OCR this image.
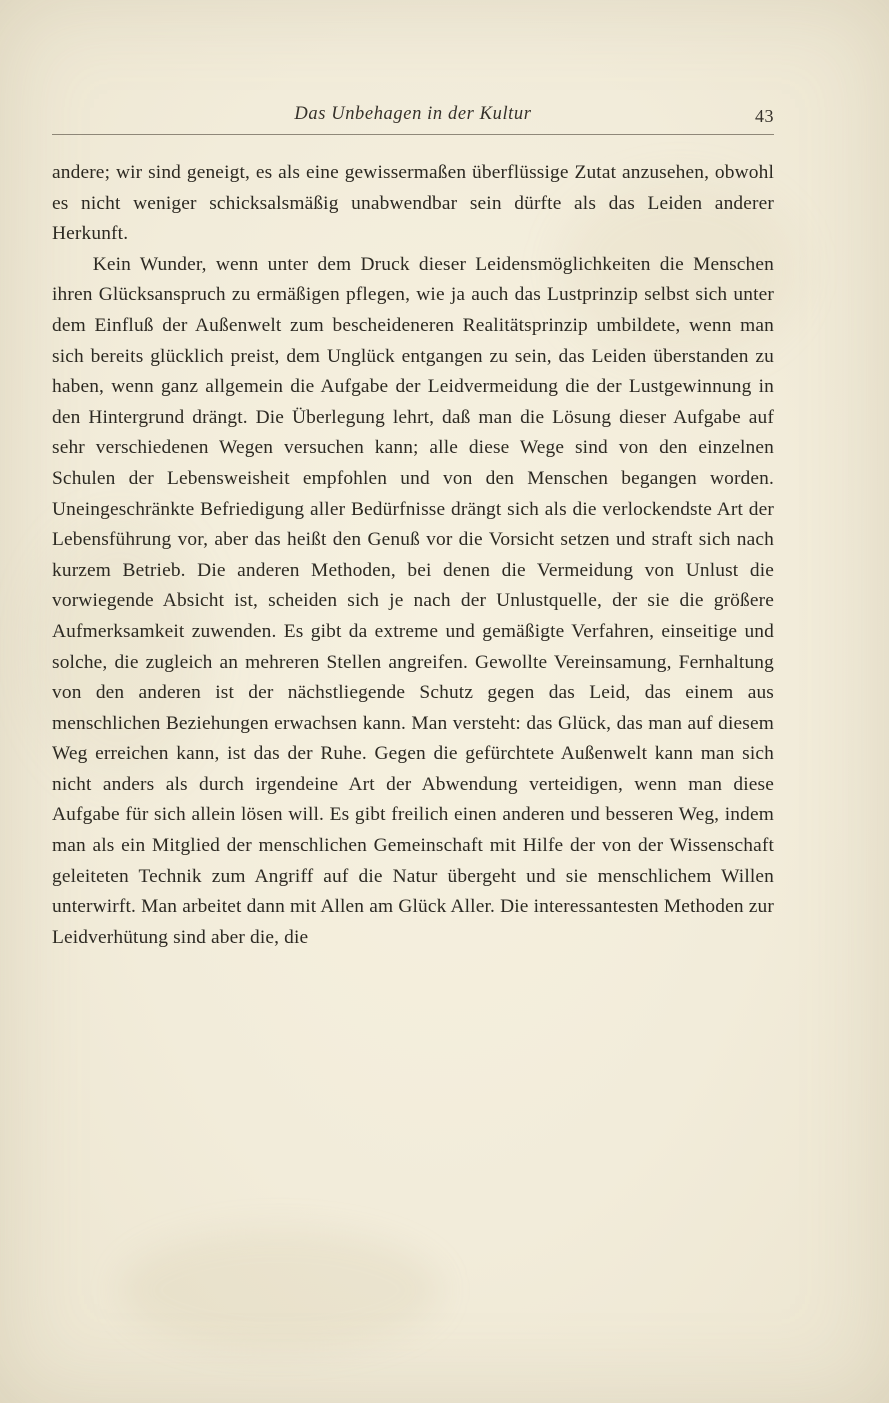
Das Unbehagen in der Kultur	43

andere; wir sind geneigt, es als eine gewissermaßen überflüssige Zutat anzusehen, obwohl es nicht weniger schicksalsmäßig unabwendbar sein dürfte als das Leiden anderer Herkunft.

Kein Wunder, wenn unter dem Druck dieser Leidensmöglichkeiten die Menschen ihren Glücksanspruch zu ermäßigen pflegen, wie ja auch das Lustprinzip selbst sich unter dem Einfluß der Außenwelt zum bescheideneren Realitätsprinzip umbildete, wenn man sich bereits glücklich preist, dem Unglück entgangen zu sein, das Leiden überstanden zu haben, wenn ganz allgemein die Aufgabe der Leidvermeidung die der Lustgewinnung in den Hintergrund drängt. Die Überlegung lehrt, daß man die Lösung dieser Aufgabe auf sehr verschiedenen Wegen versuchen kann; alle diese Wege sind von den einzelnen Schulen der Lebensweisheit empfohlen und von den Menschen begangen worden. Uneingeschränkte Befriedigung aller Bedürfnisse drängt sich als die verlockendste Art der Lebensführung vor, aber das heißt den Genuß vor die Vorsicht setzen und straft sich nach kurzem Betrieb. Die anderen Methoden, bei denen die Vermeidung von Unlust die vorwiegende Absicht ist, scheiden sich je nach der Unlustquelle, der sie die größere Aufmerksamkeit zuwenden. Es gibt da extreme und gemäßigte Verfahren, einseitige und solche, die zugleich an mehreren Stellen angreifen. Gewollte Vereinsamung, Fernhaltung von den anderen ist der nächstliegende Schutz gegen das Leid, das einem aus menschlichen Beziehungen erwachsen kann. Man versteht: das Glück, das man auf diesem Weg erreichen kann, ist das der Ruhe. Gegen die gefürchtete Außenwelt kann man sich nicht anders als durch irgendeine Art der Abwendung verteidigen, wenn man diese Aufgabe für sich allein lösen will. Es gibt freilich einen anderen und besseren Weg, indem man als ein Mitglied der menschlichen Gemeinschaft mit Hilfe der von der Wissenschaft geleiteten Technik zum Angriff auf die Natur übergeht und sie menschlichem Willen unterwirft. Man arbeitet dann mit Allen am Glück Aller. Die interessantesten Methoden zur Leidverhütung sind aber die, die
